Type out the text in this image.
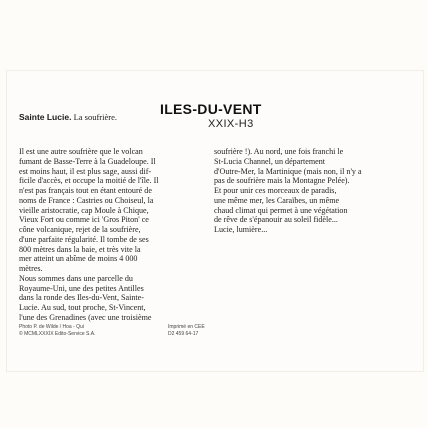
Sainte Lucie. La soufrière.	ILES-DU-VENT
XXIX-H3
Il est une autre soufrière que le volcan
fumant de Basse-Terre à la Guadeloupe. Il
est moins haut, il est plus sage, aussi dif-
ficile d'accès, et occupe la moitié de l'île. Il
n'est pas français tout en étant entouré de
noms de France : Castries ou Choiseul, la
vieille aristocratie, cap Moule à Chique,
Vieux Fort ou comme ici 'Gros Piton' ce
cône volcanique, rejet de la soufrière,
d'une parfaite régularité. Il tombe de ses
800 mètres dans la baie, et très vite la
mer atteint un abîme de moins 4 000
mètres.
Nous sommes dans une parcelle du
Royaume-Uni, une des petites Antilles
dans la ronde des Iles-du-Vent, Sainte-
Lucie. Au sud, tout proche, St-Vincent,
l'une des Grenadines (avec une troisième
soufrière !). Au nord, une fois franchi le
St-Lucia Channel, un département
d'Outre-Mer, la Martinique (mais non, il n'y a
pas de soufrière mais la Montagne Pelée).
Et pour unir ces morceaux de paradis,
une même mer, les Caraïbes, un même
chaud climat qui permet à une végétation
de rêve de s'épanouir au soleil fidèle...
Lucie, lumière...
Photo P. de Wilde / Hoa - Qui
© MCMLXXXIX Edito-Service S.A.
Imprimé en CEE
D2 459 64-17
